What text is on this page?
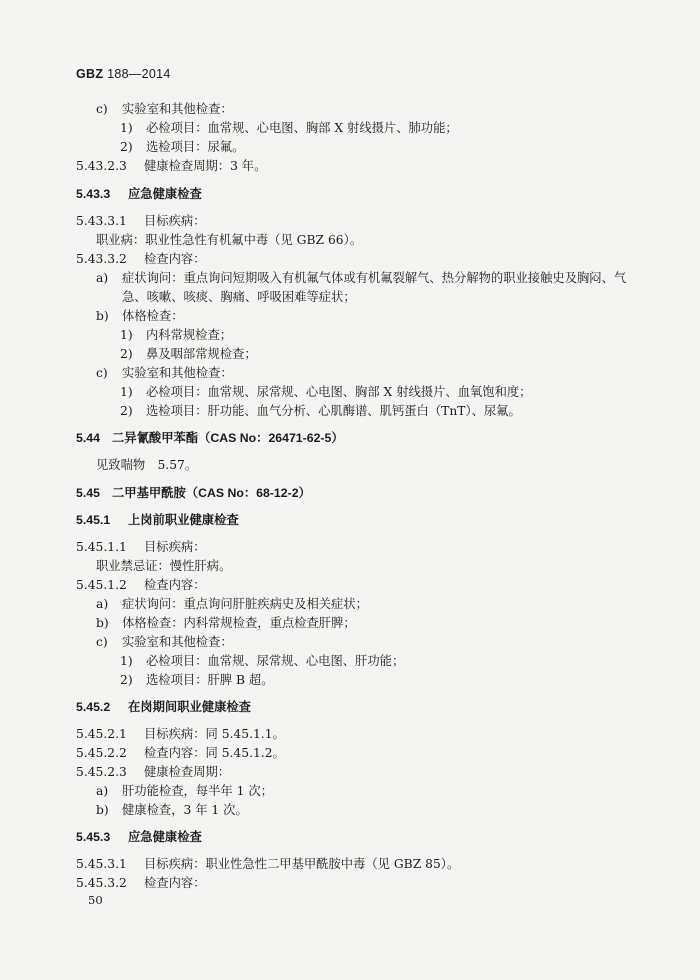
GBZ 188—2014
c) 实验室和其他检查：
1) 必检项目：血常规、心电图、胸部 X 射线摄片、肺功能；
2) 选检项目：尿氟。
5.43.2.3 健康检查周期：3 年。
5.43.3 应急健康检查
5.43.3.1 目标疾病：
职业病：职业性急性有机氟中毒（见 GBZ 66）。
5.43.3.2 检查内容：
a) 症状询问：重点询问短期吸入有机氟气体或有机氟裂解气、热分解物的职业接触史及胸闷、气
急、咳嗽、咳痰、胸痛、呼吸困难等症状；
b) 体格检查：
1) 内科常规检查；
2) 鼻及咽部常规检查；
c) 实验室和其他检查：
1) 必检项目：血常规、尿常规、心电图、胸部 X 射线摄片、血氧饱和度；
2) 选检项目：肝功能、血气分析、心肌酶谱、肌钙蛋白（TnT）、尿氟。
5.44 二异氰酸甲苯酯（CAS No：26471-62-5）
见致喘物　5.57。
5.45 二甲基甲酰胺（CAS No：68-12-2）
5.45.1 上岗前职业健康检查
5.45.1.1 目标疾病：
职业禁忌证：慢性肝病。
5.45.1.2 检查内容：
a) 症状询问：重点询问肝脏疾病史及相关症状；
b) 体格检查：内科常规检查，重点检查肝脾；
c) 实验室和其他检查：
1) 必检项目：血常规、尿常规、心电图、肝功能；
2) 选检项目：肝脾 B 超。
5.45.2 在岗期间职业健康检查
5.45.2.1 目标疾病：同 5.45.1.1。
5.45.2.2 检查内容：同 5.45.1.2。
5.45.2.3 健康检查周期：
a) 肝功能检查，每半年 1 次；
b) 健康检查，3 年 1 次。
5.45.3 应急健康检查
5.45.3.1 目标疾病：职业性急性二甲基甲酰胺中毒（见 GBZ 85）。
5.45.3.2 检查内容：
50
